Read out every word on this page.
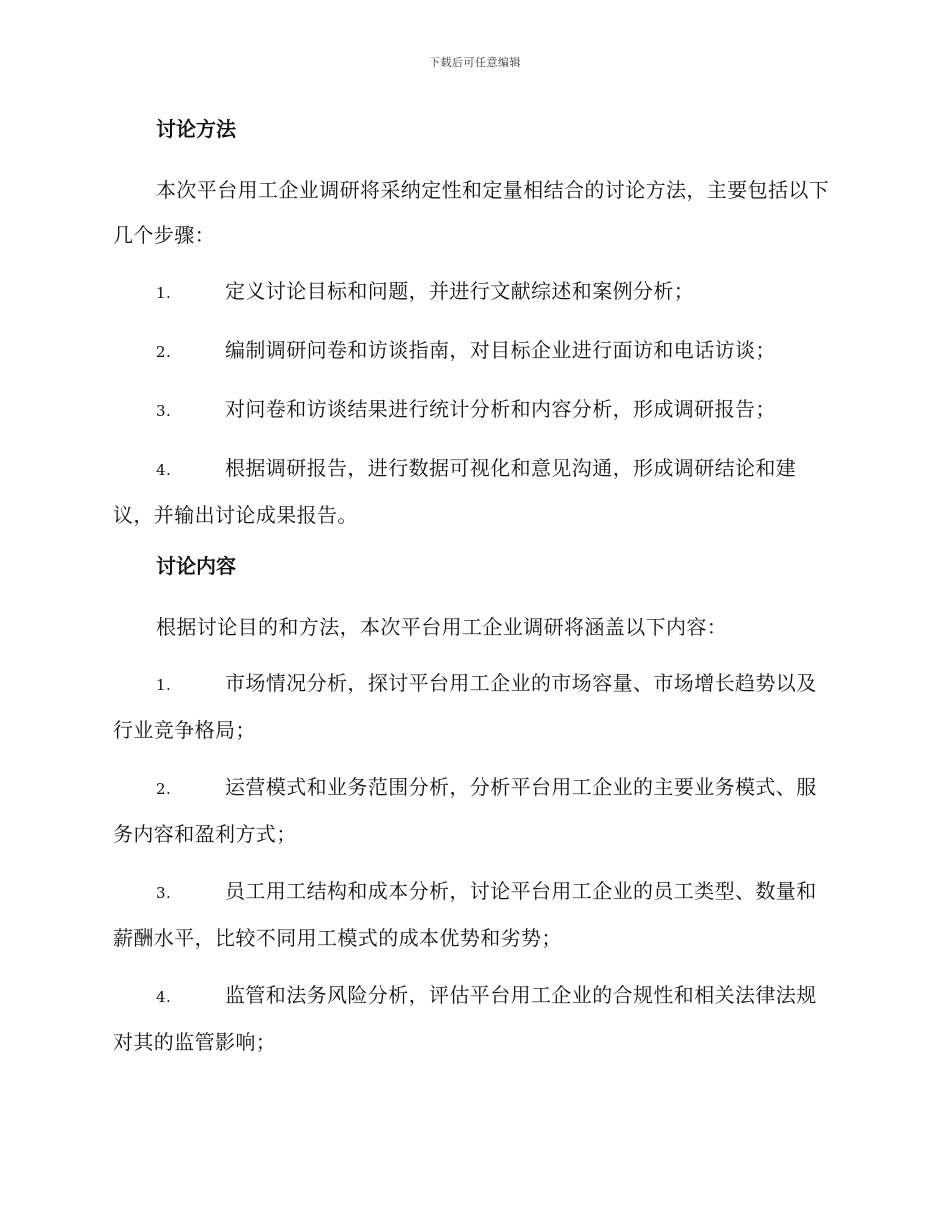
下载后可任意编辑
讨论方法
本次平台用工企业调研将采纳定性和定量相结合的讨论方法，主要包括以下几个步骤：
1.	定义讨论目标和问题，并进行文献综述和案例分析；
2.	编制调研问卷和访谈指南，对目标企业进行面访和电话访谈；
3.	对问卷和访谈结果进行统计分析和内容分析，形成调研报告；
4.	根据调研报告，进行数据可视化和意见沟通，形成调研结论和建议，并输出讨论成果报告。
讨论内容
根据讨论目的和方法，本次平台用工企业调研将涵盖以下内容：
1.	市场情况分析，探讨平台用工企业的市场容量、市场增长趋势以及行业竞争格局；
2.	运营模式和业务范围分析，分析平台用工企业的主要业务模式、服务内容和盈利方式；
3.	员工用工结构和成本分析，讨论平台用工企业的员工类型、数量和薪酬水平，比较不同用工模式的成本优势和劣势；
4.	监管和法务风险分析，评估平台用工企业的合规性和相关法律法规对其的监管影响；
